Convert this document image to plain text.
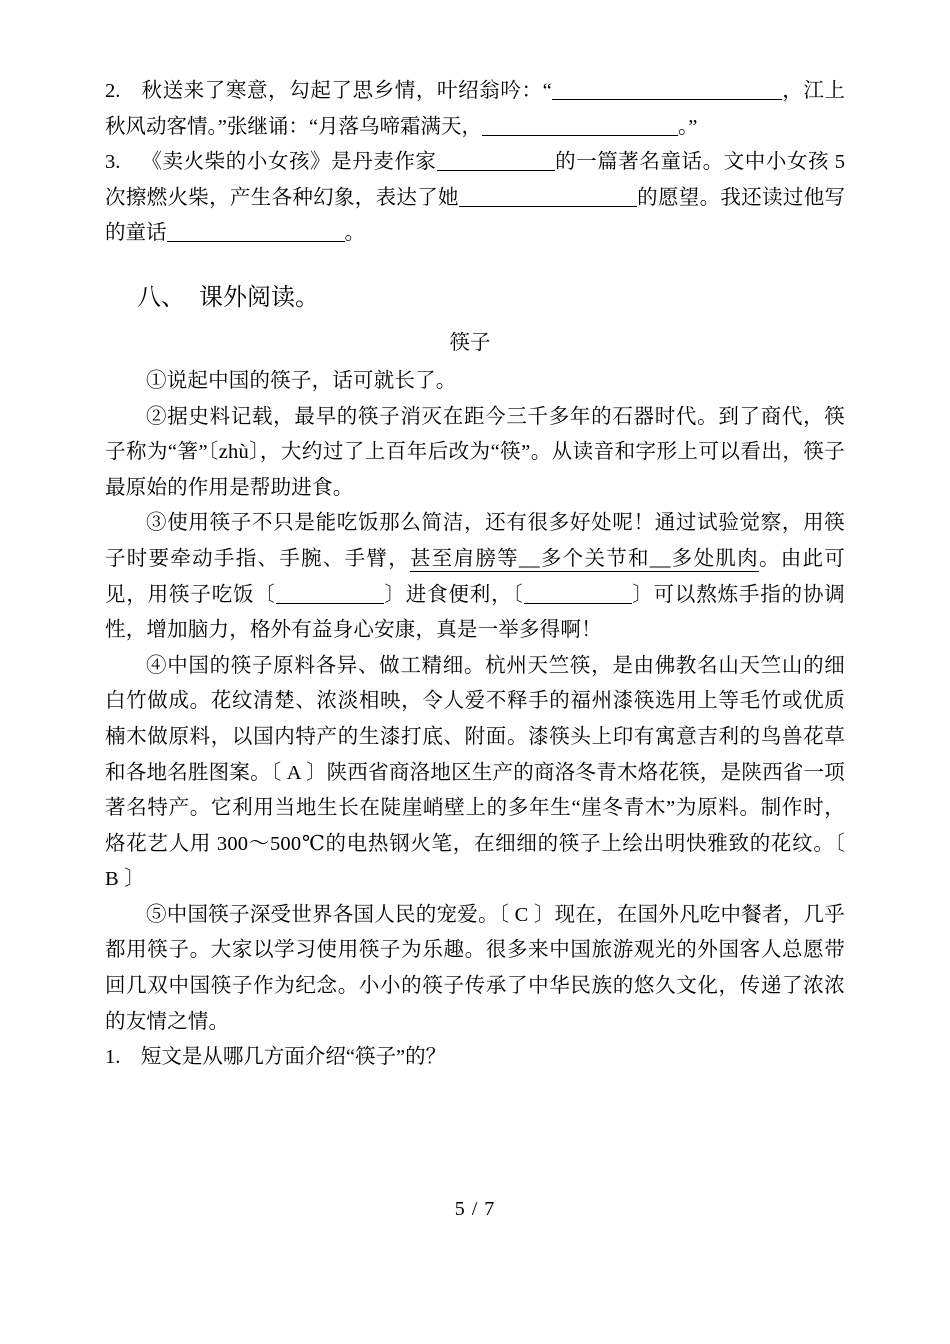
2.  秋送来了寒意，勾起了思乡情，叶绍翁吟：“	，江上秋风动客情。”张继诵：“月落乌啼霜满天，	。”
3.  《卖火柴的小女孩》是丹麦作家	的一篇著名童话。文中小女孩 5 次擦燃火柴，产生各种幻象，表达了她	的愿望。我还读过他写的童话	。
八、 课外阅读。
筷子
①说起中国的筷子，话可就长了。
②据史料记载，最早的筷子消灭在距今三千多年的石器时代。到了商代，筷子称为“箸”〔zhù〕，大约过了上百年后改为“筷”。从读音和字形上可以看出，筷子最原始的作用是帮助进食。
③使用筷子不只是能吃饭那么简洁，还有很多好处呢！通过试验觉察，用筷子时要牵动手指、手腕、手臂，甚至肩膀等__多个关节和__多处肌肉。由此可见，用筷子吃饭〔	〕进食便利，〔	〕可以熬炼手指的协调性，增加脑力，格外有益身心安康，真是一举多得啊！
④中国的筷子原料各异、做工精细。杭州天竺筷，是由佛教名山天竺山的细白竹做成。花纹清楚、浓淡相映，令人爱不释手的福州漆筷选用上等毛竹或优质楠木做原料，以国内特产的生漆打底、附面。漆筷头上印有寓意吉利的鸟兽花草和各地名胜图案。〔 A 〕陕西省商洛地区生产的商洛冬青木烙花筷，是陕西省一项著名特产。它利用当地生长在陡崖峭壁上的多年生“崖冬青木”为原料。制作时，烙花艺人用 300～500℃的电热钢火笔，在细细的筷子上绘出明快雅致的花纹。〔 B 〕
⑤中国筷子深受世界各国人民的宠爱。〔 C 〕现在，在国外凡吃中餐者，几乎都用筷子。大家以学习使用筷子为乐趣。很多来中国旅游观光的外国客人总愿带回几双中国筷子作为纪念。小小的筷子传承了中华民族的悠久文化，传递了浓浓的友情之情。
1.  短文是从哪几方面介绍“筷子”的？
5 / 7
